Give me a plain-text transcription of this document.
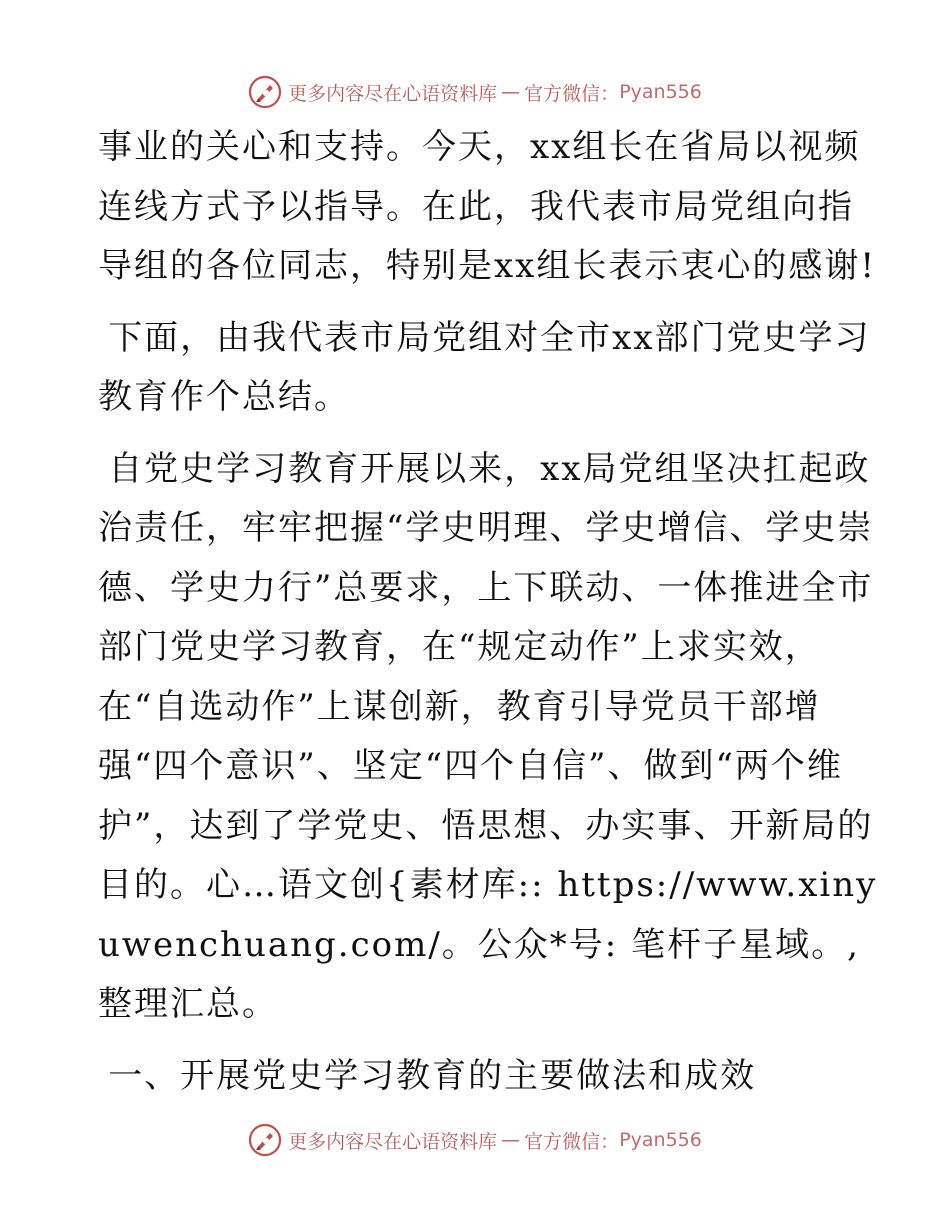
更多内容尽在心语资料库 — 官方微信： Pyan556

事业的关心和支持。今天，xx组长在省局以视频连线方式予以指导。在此，我代表市局党组向指导组的各位同志，特别是xx组长表示衷心的感谢!

下面，由我代表市局党组对全市xx部门党史学习教育作个总结。

自党史学习教育开展以来，xx局党组坚决扛起政治责任，牢牢把握“学史明理、学史增信、学史崇德、学史力行”总要求，上下联动、一体推进全市部门党史学习教育，在“规定动作”上求实效，在“自选动作”上谋创新，教育引导党员干部增强“四个意识”、坚定“四个自信”、做到“两个维护”，达到了学党史、悟思想、办实事、开新局的目的。心…语文创{素材库:: https://www.xinyuwenchuang.com/。公众*号: 笔杆子星域。,整理汇总。

一、开展党史学习教育的主要做法和成效

更多内容尽在心语资料库 — 官方微信： Pyan556
